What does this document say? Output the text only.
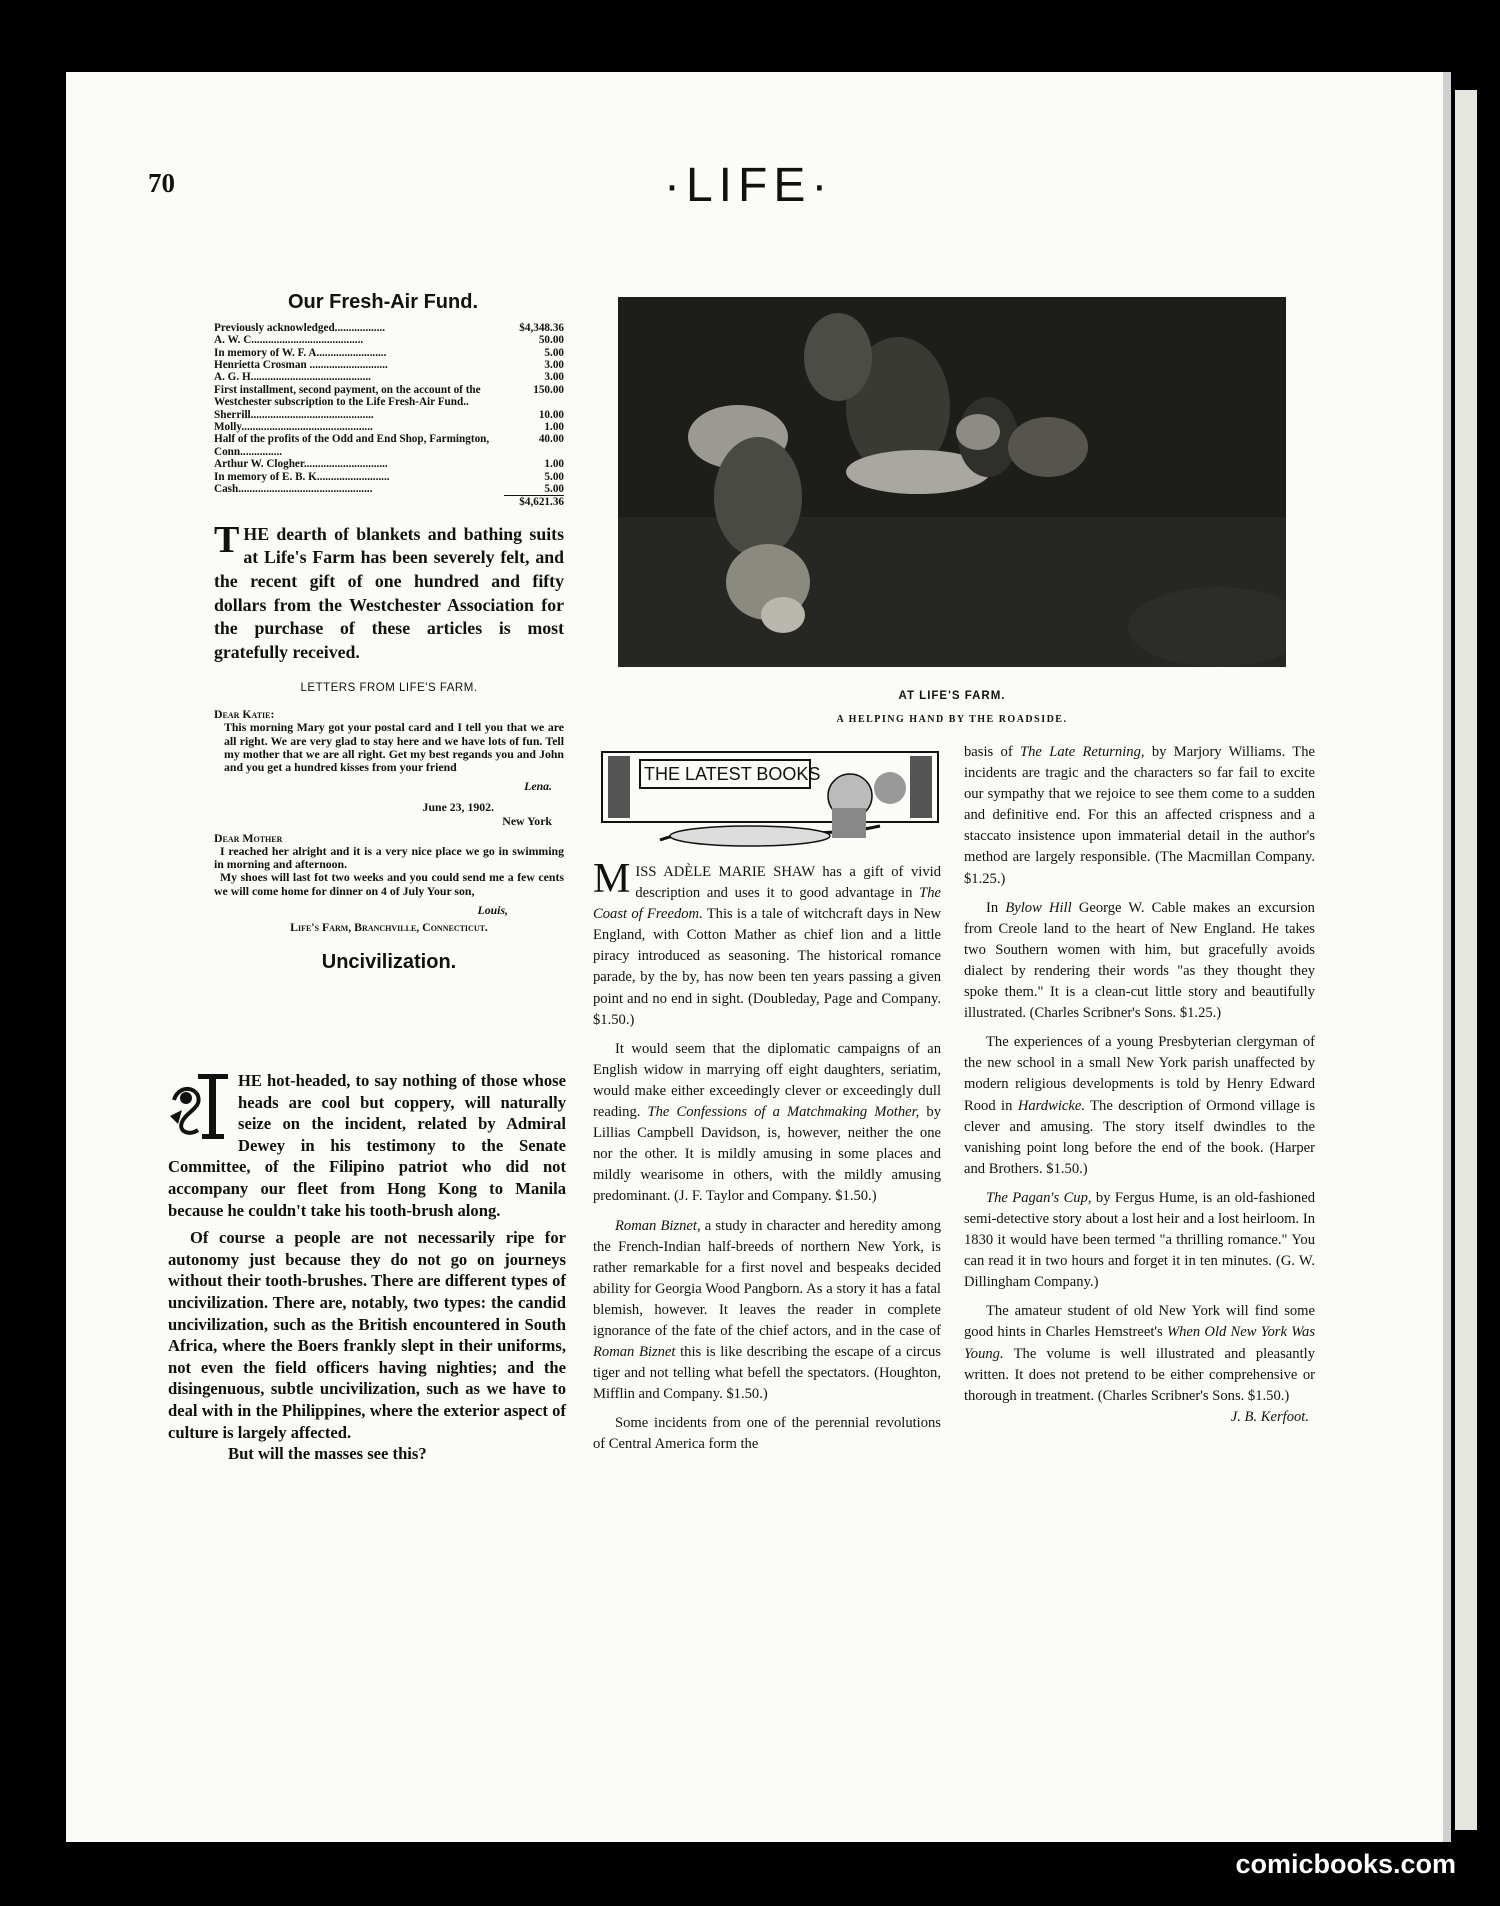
70	·LIFE·
Our Fresh-Air Fund.
Previously acknowledged..................	$4,348.36
A. W. C........................................	50.00
In memory of W. F. A.........................	5.00
Henrietta Crosman ............................	3.00
A. G. H...........................................	3.00
First installment, second payment, on the account of the Westchester subscription to the Life Fresh-Air Fund..	150.00
Sherrill............................................	10.00
Molly...............................................	1.00
Half of the profits of the Odd and End Shop, Farmington, Conn...............	40.00
Arthur W. Clogher..............................	1.00
In memory of E. B. K..........................	5.00
Cash................................................	5.00
	$4,621.36
THE dearth of blankets and bathing suits at Life's Farm has been severely felt, and the recent gift of one hundred and fifty dollars from the Westchester Association for the purchase of these articles is most gratefully received.
LETTERS FROM LIFE'S FARM.
Dear Katie:
This morning Mary got your postal card and I tell you that we are all right. We are very glad to stay here and we have lots of fun. Tell my mother that we are all right. Get my best regands you and John and you get a hundred kisses from your friend
Lena.
June 23, 1902.
New York
Dear Mother
I reached her alright and it is a very nice place we go in swimming in morning and afternoon.
My shoes will last fot two weeks and you could send me a few cents we will come home for dinner on 4 of July Your son,
Louis,
Life's Farm, Branchville, Connecticut.
Uncivilization.
HE hot-headed, to say nothing of those whose heads are cool but coppery, will naturally seize on the incident, related by Admiral Dewey in his testimony to the Senate Committee, of the Filipino patriot who did not accompany our fleet from Hong Kong to Manila because he couldn't take his tooth-brush along.

Of course a people are not necessarily ripe for autonomy just because they do not go on journeys without their tooth-brushes. There are different types of uncivilization. There are, notably, two types: the candid uncivilization, such as the British encountered in South Africa, where the Boers frankly slept in their uniforms, not even the field officers having nighties; and the disingenuous, subtle uncivilization, such as we have to deal with in the Philippines, where the exterior aspect of culture is largely affected.

But will the masses see this?

AT LIFE'S FARM.
A HELPING HAND BY THE ROADSIDE.
THE LATEST BOOKS
MISS ADÈLE MARIE SHAW has a gift of vivid description and uses it to good advantage in The Coast of Freedom. This is a tale of witchcraft days in New England, with Cotton Mather as chief lion and a little piracy introduced as seasoning. The historical romance parade, by the by, has now been ten years passing a given point and no end in sight. (Doubleday, Page and Company. $1.50.)

It would seem that the diplomatic campaigns of an English widow in marrying off eight daughters, seriatim, would make either exceedingly clever or exceedingly dull reading. The Confessions of a Matchmaking Mother, by Lillias Campbell Davidson, is, however, neither the one nor the other. It is mildly amusing in some places and mildly wearisome in others, with the mildly amusing predominant. (J. F. Taylor and Company. $1.50.)

Roman Biznet, a study in character and heredity among the French-Indian half-breeds of northern New York, is rather remarkable for a first novel and bespeaks decided ability for Georgia Wood Pangborn. As a story it has a fatal blemish, however. It leaves the reader in complete ignorance of the fate of the chief actors, and in the case of Roman Biznet this is like describing the escape of a circus tiger and not telling what befell the spectators. (Houghton, Mifflin and Company. $1.50.)

Some incidents from one of the perennial revolutions of Central America form the

basis of The Late Returning, by Marjory Williams. The incidents are tragic and the characters so far fail to excite our sympathy that we rejoice to see them come to a sudden and definitive end. For this an affected crispness and a staccato insistence upon immaterial detail in the author's method are largely responsible. (The Macmillan Company. $1.25.)

In Bylow Hill George W. Cable makes an excursion from Creole land to the heart of New England. He takes two Southern women with him, but gracefully avoids dialect by rendering their words "as they thought they spoke them." It is a clean-cut little story and beautifully illustrated. (Charles Scribner's Sons. $1.25.)

The experiences of a young Presbyterian clergyman of the new school in a small New York parish unaffected by modern religious developments is told by Henry Edward Rood in Hardwicke. The description of Ormond village is clever and amusing. The story itself dwindles to the vanishing point long before the end of the book. (Harper and Brothers. $1.50.)

The Pagan's Cup, by Fergus Hume, is an old-fashioned semi-detective story about a lost heir and a lost heirloom. In 1830 it would have been termed "a thrilling romance." You can read it in two hours and forget it in ten minutes. (G. W. Dillingham Company.)

The amateur student of old New York will find some good hints in Charles Hemstreet's When Old New York Was Young. The volume is well illustrated and pleasantly written. It does not pretend to be either comprehensive or thorough in treatment. (Charles Scribner's Sons. $1.50.)

J. B. Kerfoot.
comicbooks.com
